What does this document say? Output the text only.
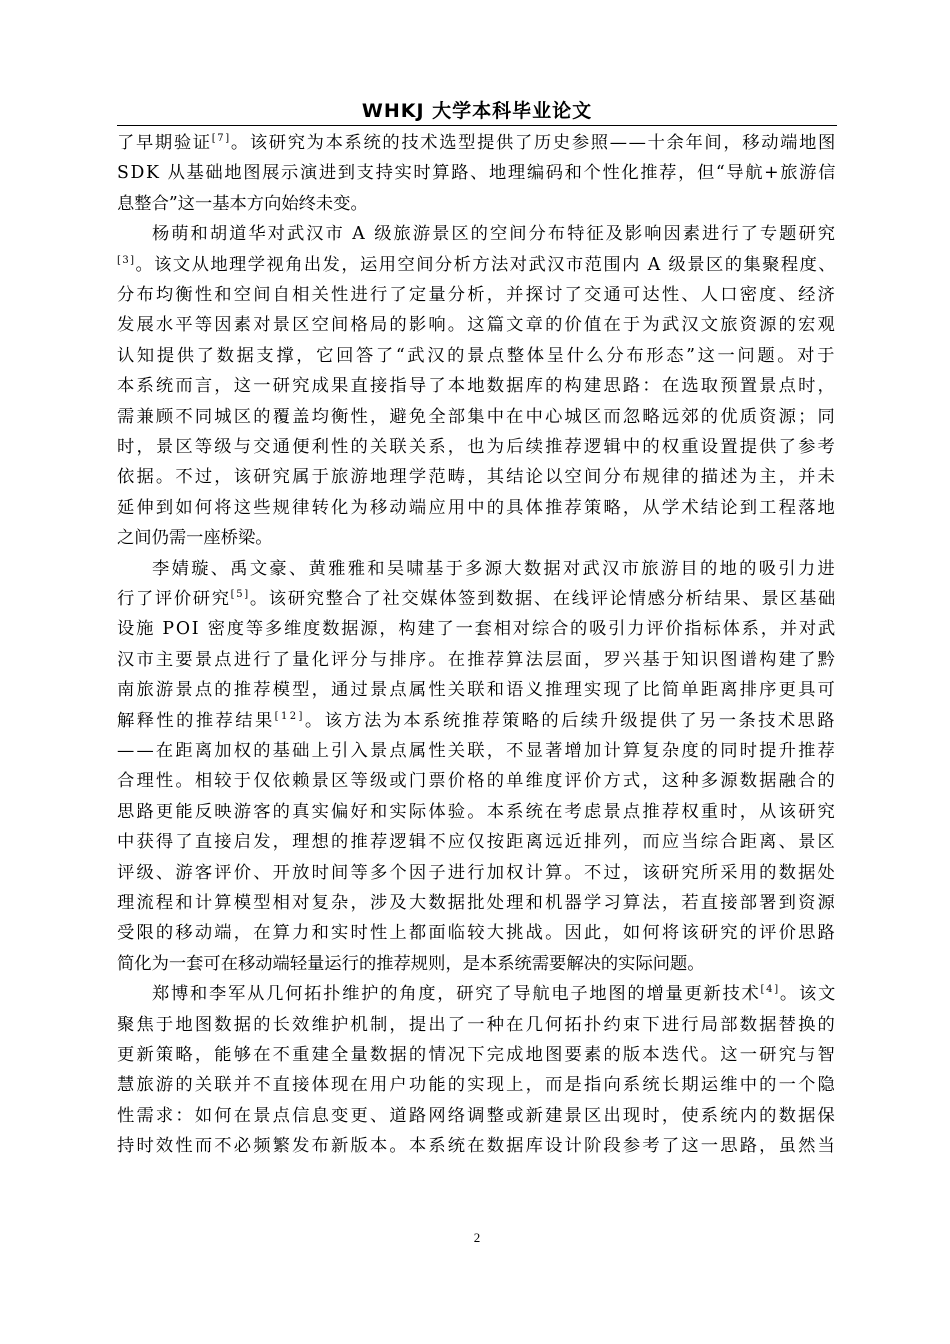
WHKJ 大学本科毕业论文
了早期验证[7]。该研究为本系统的技术选型提供了历史参照——十余年间，移动端地图
SDK 从基础地图展示演进到支持实时算路、地理编码和个性化推荐，但“导航+旅游信
息整合”这一基本方向始终未变。
杨萌和胡道华对武汉市 A 级旅游景区的空间分布特征及影响因素进行了专题研究
[3]。该文从地理学视角出发，运用空间分析方法对武汉市范围内 A 级景区的集聚程度、
分布均衡性和空间自相关性进行了定量分析，并探讨了交通可达性、人口密度、经济
发展水平等因素对景区空间格局的影响。这篇文章的价值在于为武汉文旅资源的宏观
认知提供了数据支撑，它回答了“武汉的景点整体呈什么分布形态”这一问题。对于
本系统而言，这一研究成果直接指导了本地数据库的构建思路：在选取预置景点时，
需兼顾不同城区的覆盖均衡性，避免全部集中在中心城区而忽略远郊的优质资源；同
时，景区等级与交通便利性的关联关系，也为后续推荐逻辑中的权重设置提供了参考
依据。不过，该研究属于旅游地理学范畴，其结论以空间分布规律的描述为主，并未
延伸到如何将这些规律转化为移动端应用中的具体推荐策略，从学术结论到工程落地
之间仍需一座桥梁。
李婧璇、禹文豪、黄雅雅和吴啸基于多源大数据对武汉市旅游目的地的吸引力进
行了评价研究[5]。该研究整合了社交媒体签到数据、在线评论情感分析结果、景区基础
设施 POI 密度等多维度数据源，构建了一套相对综合的吸引力评价指标体系，并对武
汉市主要景点进行了量化评分与排序。在推荐算法层面，罗兴基于知识图谱构建了黔
南旅游景点的推荐模型，通过景点属性关联和语义推理实现了比简单距离排序更具可
解释性的推荐结果[12]。该方法为本系统推荐策略的后续升级提供了另一条技术思路
——在距离加权的基础上引入景点属性关联，不显著增加计算复杂度的同时提升推荐
合理性。相较于仅依赖景区等级或门票价格的单维度评价方式，这种多源数据融合的
思路更能反映游客的真实偏好和实际体验。本系统在考虑景点推荐权重时，从该研究
中获得了直接启发，理想的推荐逻辑不应仅按距离远近排列，而应当综合距离、景区
评级、游客评价、开放时间等多个因子进行加权计算。不过，该研究所采用的数据处
理流程和计算模型相对复杂，涉及大数据批处理和机器学习算法，若直接部署到资源
受限的移动端，在算力和实时性上都面临较大挑战。因此，如何将该研究的评价思路
简化为一套可在移动端轻量运行的推荐规则，是本系统需要解决的实际问题。
郑博和李军从几何拓扑维护的角度，研究了导航电子地图的增量更新技术[4]。该文
聚焦于地图数据的长效维护机制，提出了一种在几何拓扑约束下进行局部数据替换的
更新策略，能够在不重建全量数据的情况下完成地图要素的版本迭代。这一研究与智
慧旅游的关联并不直接体现在用户功能的实现上，而是指向系统长期运维中的一个隐
性需求：如何在景点信息变更、道路网络调整或新建景区出现时，使系统内的数据保
持时效性而不必频繁发布新版本。本系统在数据库设计阶段参考了这一思路，虽然当
2
